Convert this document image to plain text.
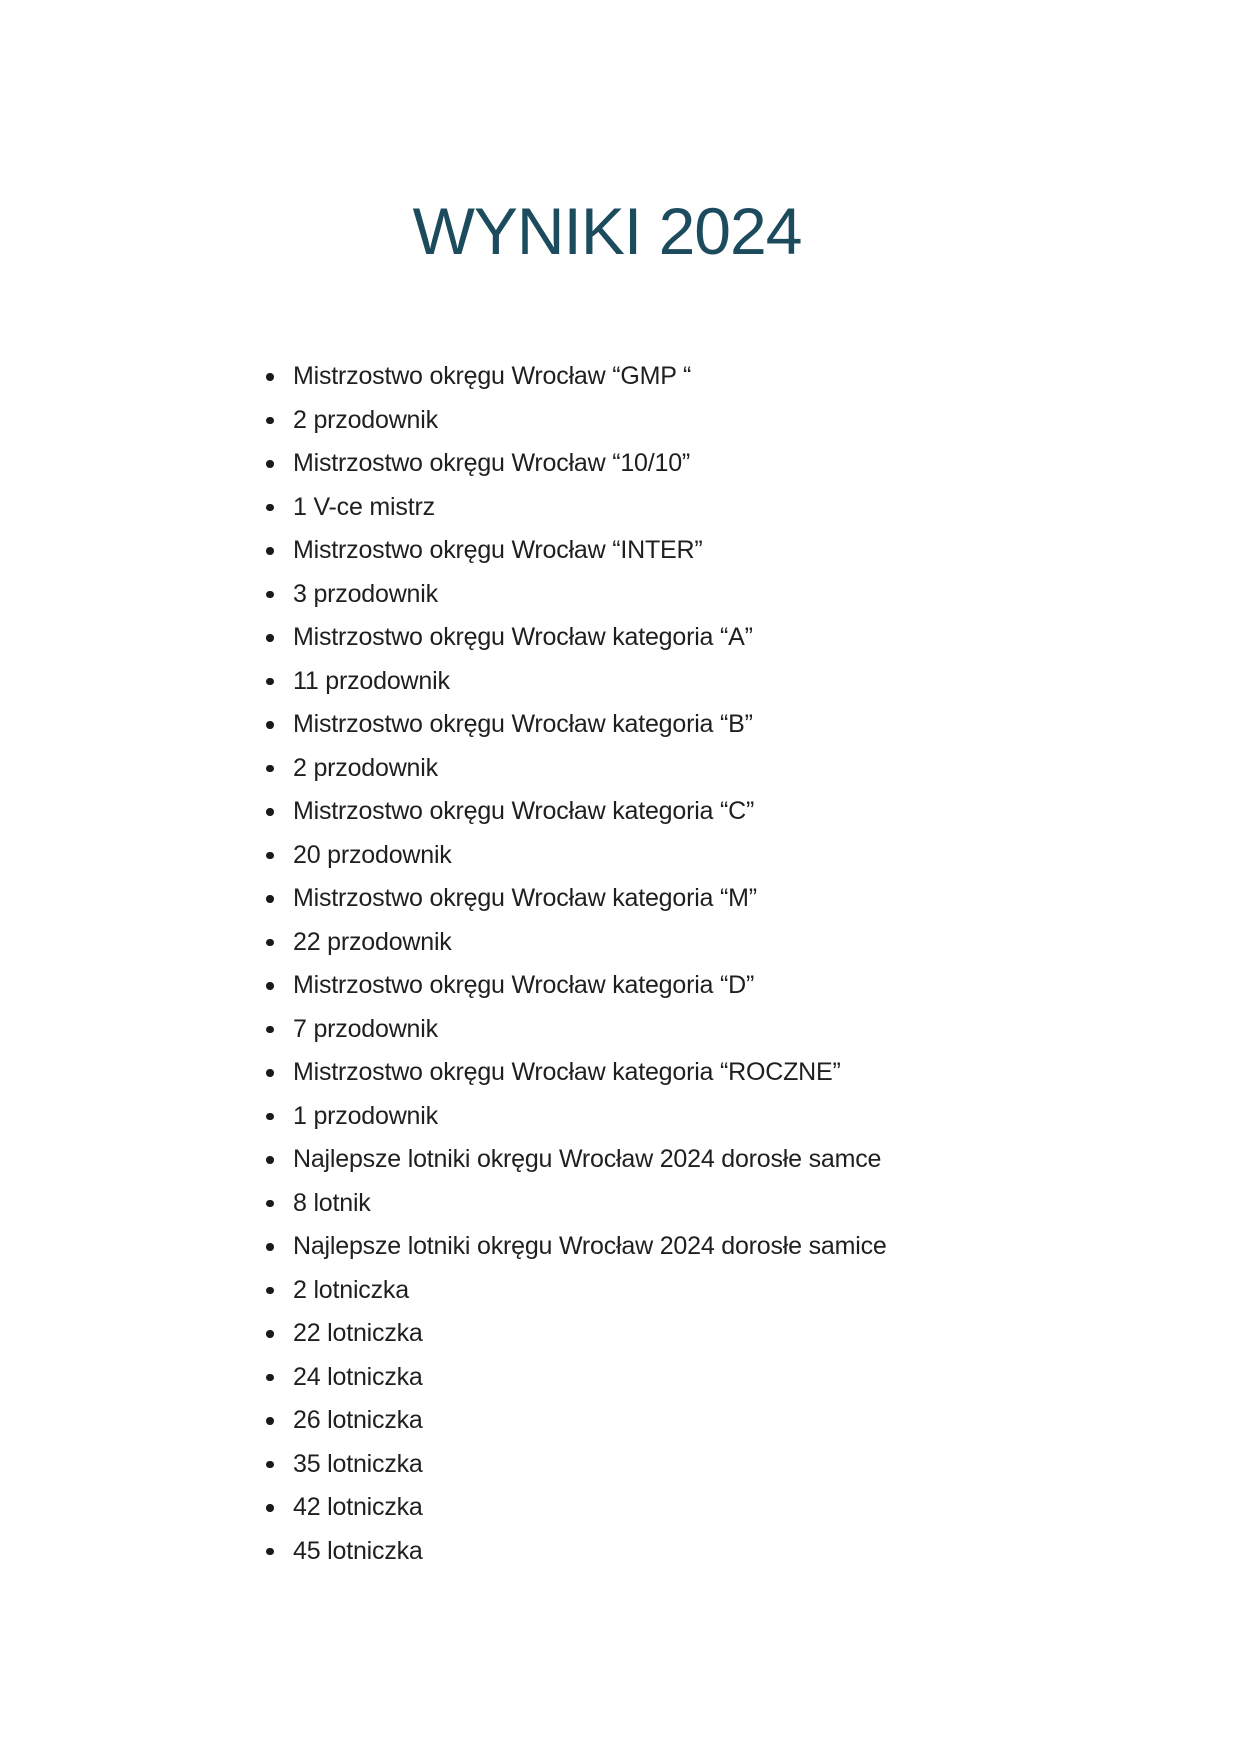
WYNIKI 2024
Mistrzostwo okręgu Wrocław “GMP “
2 przodownik
Mistrzostwo okręgu Wrocław “10/10”
1 V-ce mistrz
Mistrzostwo okręgu Wrocław “INTER”
3 przodownik
Mistrzostwo okręgu Wrocław kategoria “A”
11 przodownik
Mistrzostwo okręgu Wrocław kategoria “B”
2 przodownik
Mistrzostwo okręgu Wrocław kategoria “C”
20 przodownik
Mistrzostwo okręgu Wrocław kategoria “M”
22 przodownik
Mistrzostwo okręgu Wrocław kategoria “D”
7 przodownik
Mistrzostwo okręgu Wrocław kategoria “ROCZNE”
1 przodownik
Najlepsze lotniki okręgu Wrocław 2024 dorosłe samce
8 lotnik
Najlepsze lotniki okręgu Wrocław 2024 dorosłe samice
2 lotniczka
22 lotniczka
24 lotniczka
26 lotniczka
35 lotniczka
42 lotniczka
45 lotniczka
